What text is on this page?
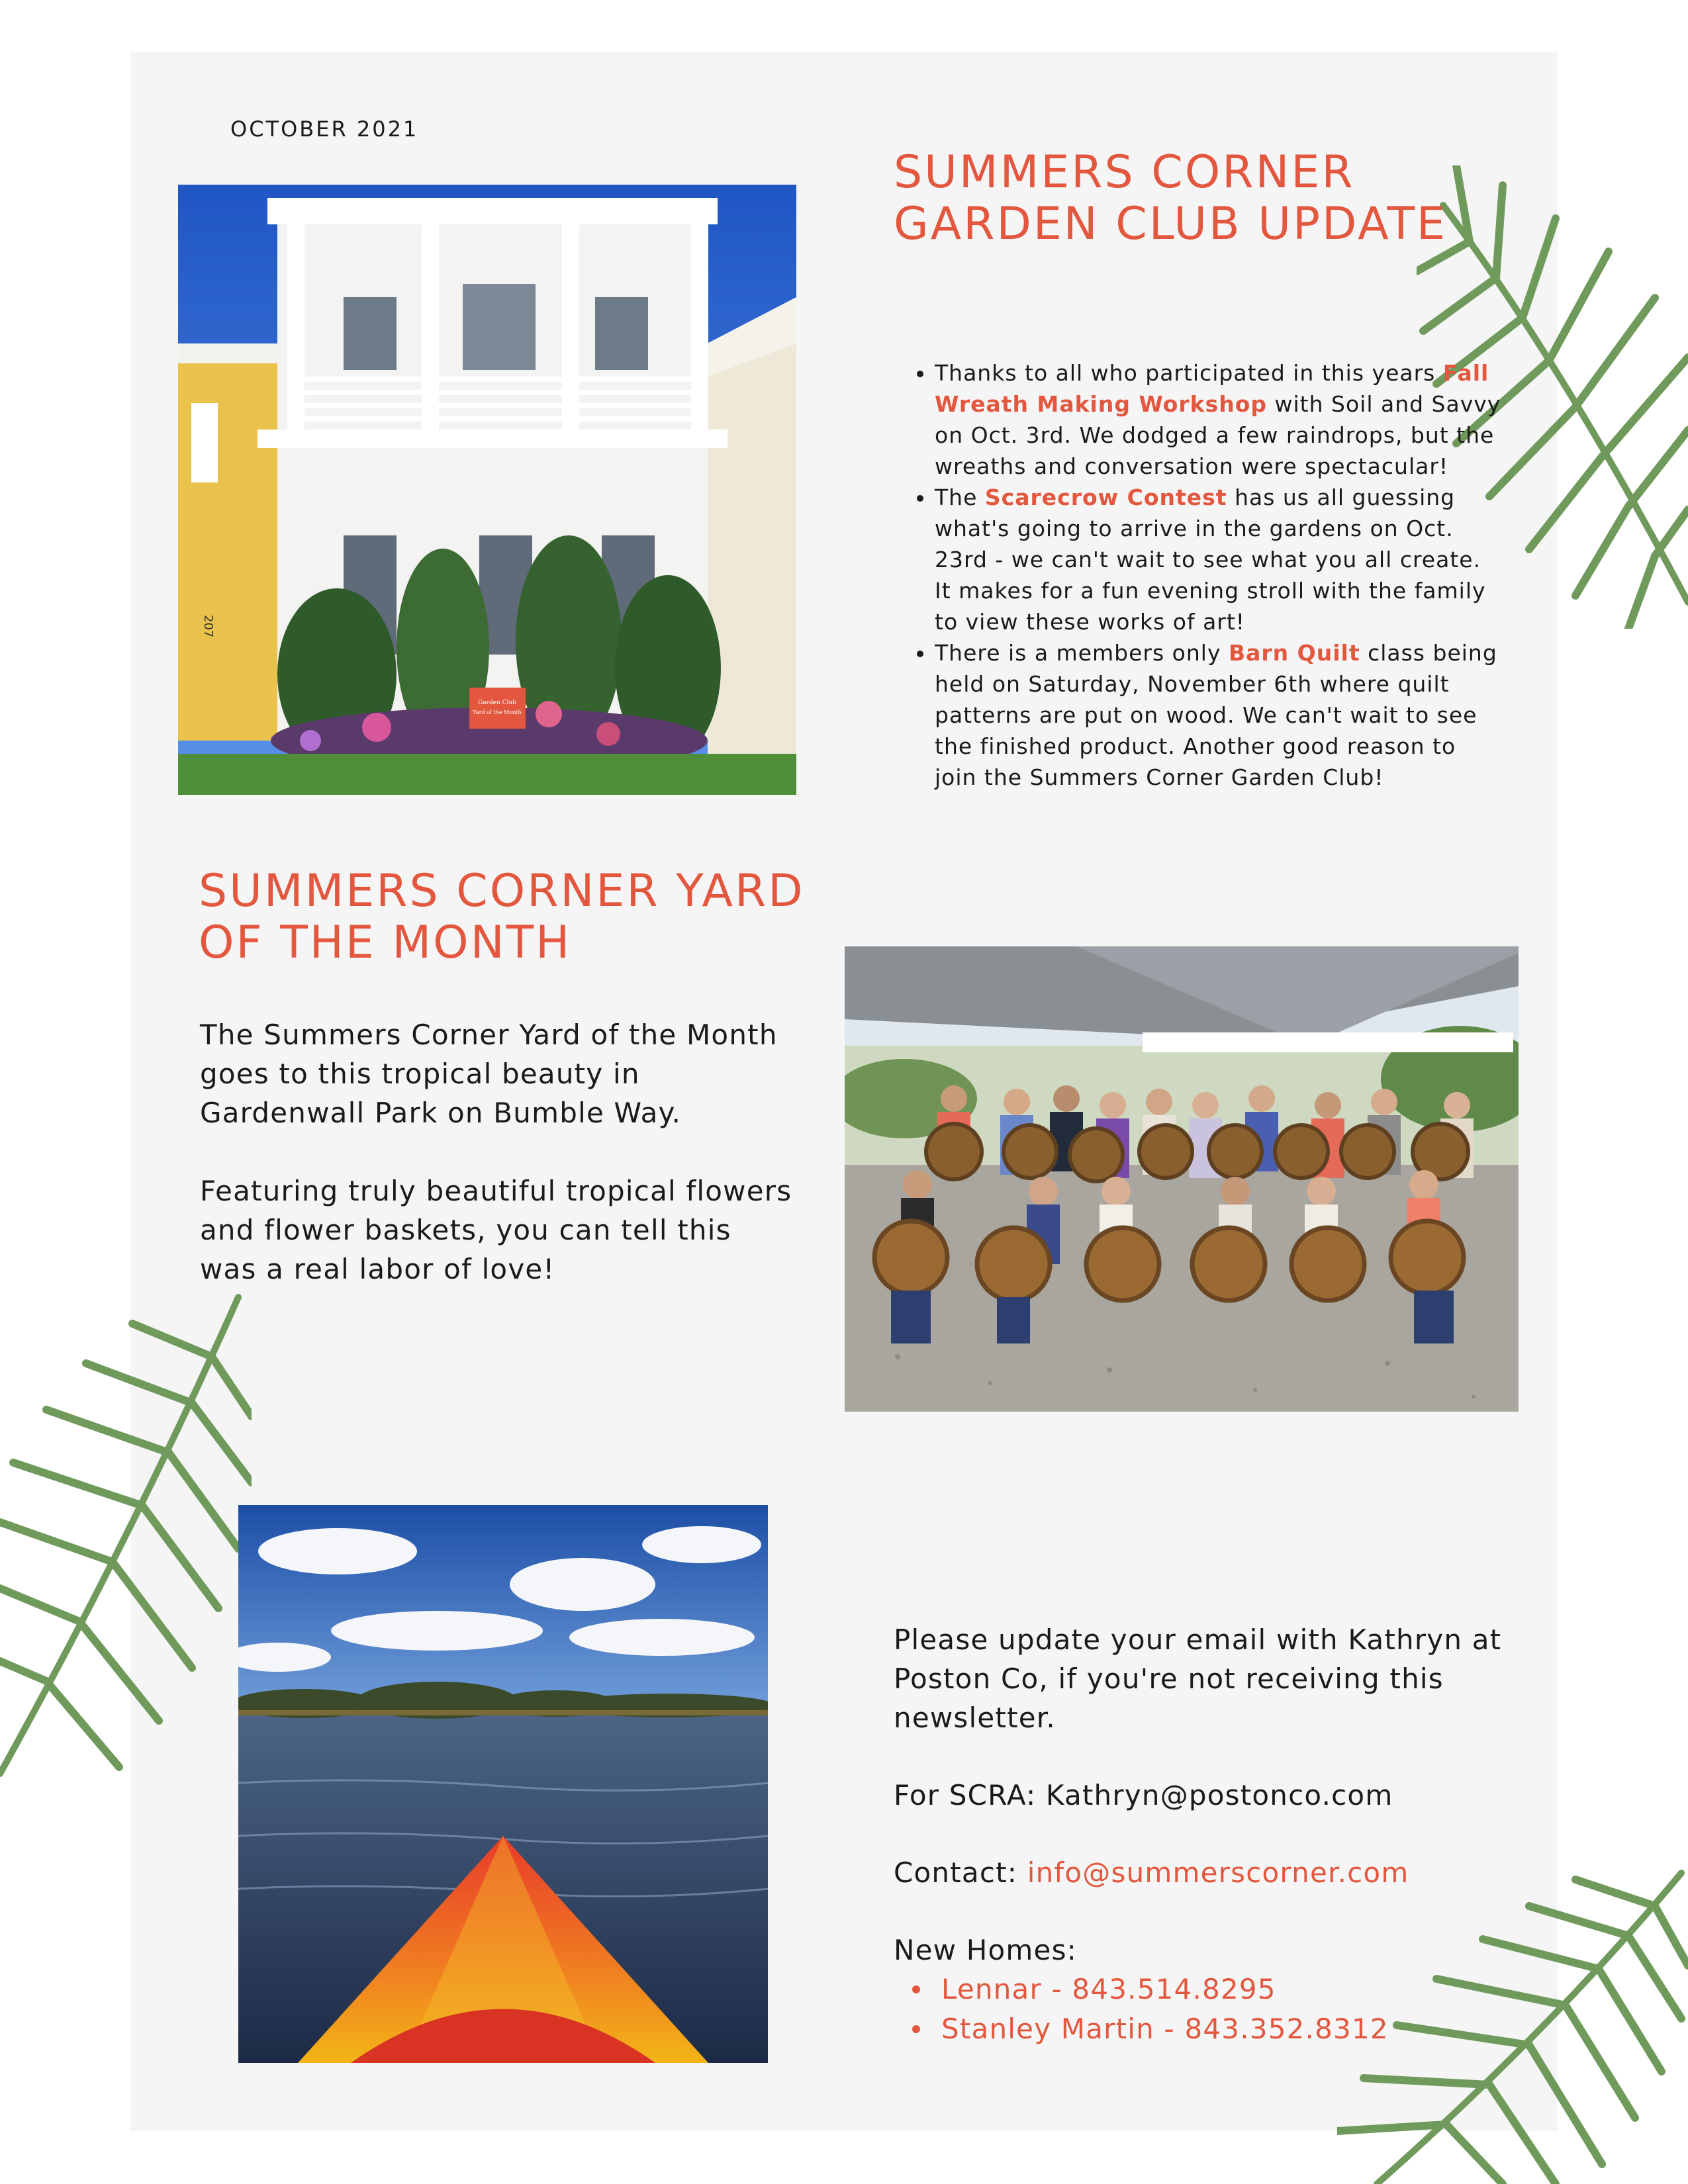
OCTOBER 2021
Garden Club
Yard of the Month
207
SUMMERS CORNER GARDEN CLUB UPDATE
• Thanks to all who participated in this years Fall Wreath Making Workshop with Soil and Savvy on Oct. 3rd. We dodged a few raindrops, but the wreaths and conversation were spectacular!
• The Scarecrow Contest has us all guessing what's going to arrive in the gardens on Oct. 23rd - we can't wait to see what you all create. It makes for a fun evening stroll with the family to view these works of art!
• There is a members only Barn Quilt class being held on Saturday, November 6th where quilt patterns are put on wood. We can't wait to see the finished product. Another good reason to join the Summers Corner Garden Club!
SUMMERS CORNER YARD OF THE MONTH

The Summers Corner Yard of the Month goes to this tropical beauty in Gardenwall Park on Bumble Way.

Featuring truly beautiful tropical flowers and flower baskets, you can tell this was a real labor of love!

Please update your email with Kathryn at Poston Co, if you're not receiving this newsletter.

For SCRA: Kathryn@postonco.com

Contact: info@summerscorner.com

New Homes:

Lennar - 843.514.8295
Stanley Martin - 843.352.8312
